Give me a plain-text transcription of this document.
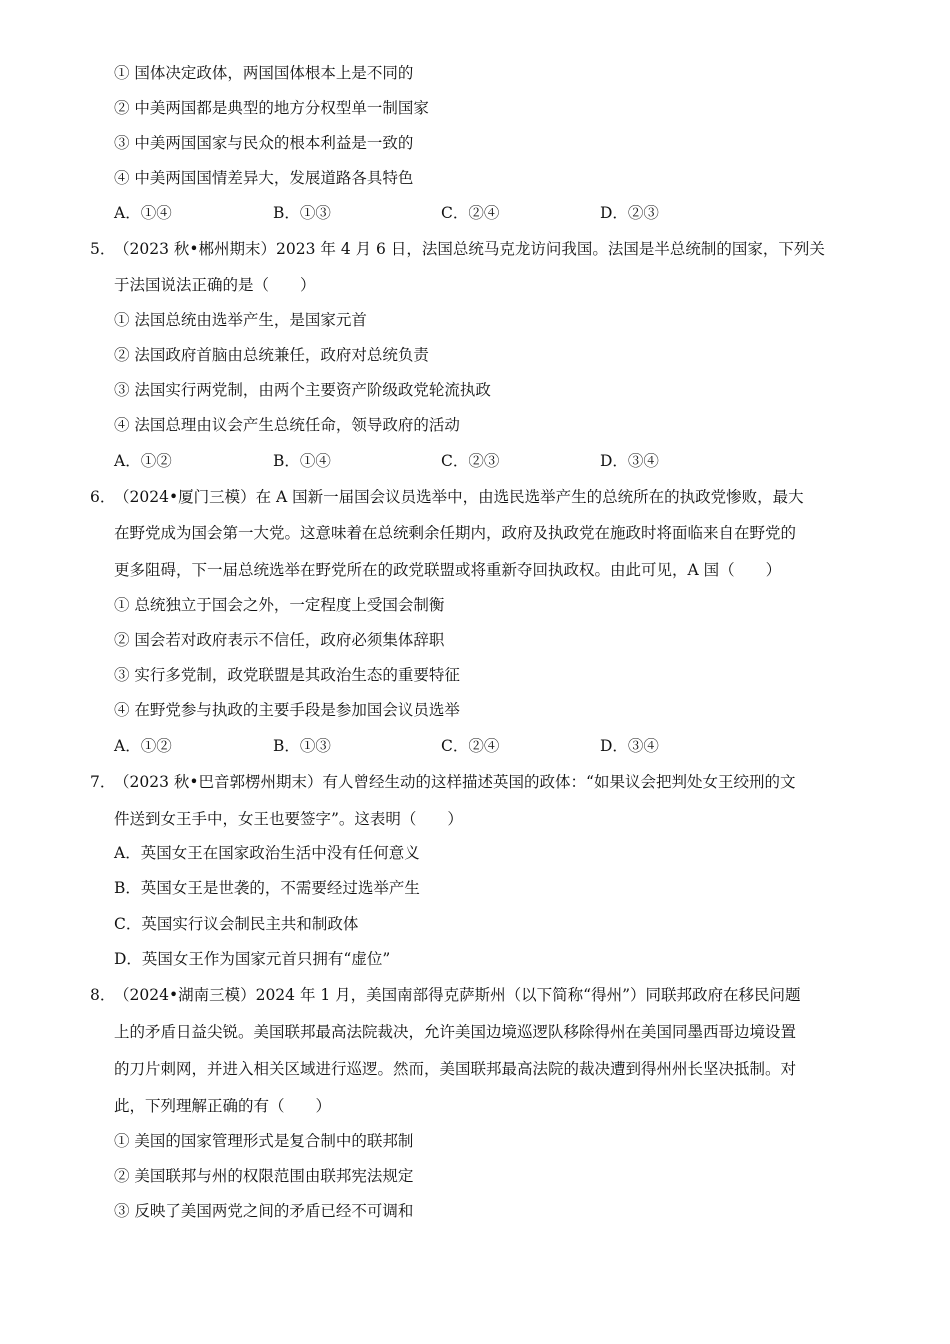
① 国体决定政体，两国国体根本上是不同的
② 中美两国都是典型的地方分权型单一制国家
③ 中美两国国家与民众的根本利益是一致的
④ 中美两国国情差异大，发展道路各具特色
A．①④	B．①③	C．②④	D．②③
5．（2023 秋•郴州期末）2023 年 4 月 6 日，法国总统马克龙访问我国。法国是半总统制的国家，下列关
于法国说法正确的是（　　）
① 法国总统由选举产生，是国家元首
② 法国政府首脑由总统兼任，政府对总统负责
③ 法国实行两党制，由两个主要资产阶级政党轮流执政
④ 法国总理由议会产生总统任命，领导政府的活动
A．①②	B．①④	C．②③	D．③④
6．（2024•厦门三模）在 A 国新一届国会议员选举中，由选民选举产生的总统所在的执政党惨败，最大
在野党成为国会第一大党。这意味着在总统剩余任期内，政府及执政党在施政时将面临来自在野党的
更多阻碍，下一届总统选举在野党所在的政党联盟或将重新夺回执政权。由此可见，A 国（　　）
① 总统独立于国会之外，一定程度上受国会制衡
② 国会若对政府表示不信任，政府必须集体辞职
③ 实行多党制，政党联盟是其政治生态的重要特征
④ 在野党参与执政的主要手段是参加国会议员选举
A．①②	B．①③	C．②④	D．③④
7．（2023 秋•巴音郭楞州期末）有人曾经生动的这样描述英国的政体：“如果议会把判处女王绞刑的文
件送到女王手中，女王也要签字”。这表明（　　）
A．英国女王在国家政治生活中没有任何意义
B．英国女王是世袭的，不需要经过选举产生
C．英国实行议会制民主共和制政体
D．英国女王作为国家元首只拥有“虚位”
8．（2024•湖南三模）2024 年 1 月，美国南部得克萨斯州（以下简称“得州”）同联邦政府在移民问题
上的矛盾日益尖锐。美国联邦最高法院裁决，允许美国边境巡逻队移除得州在美国同墨西哥边境设置
的刀片刺网，并进入相关区域进行巡逻。然而，美国联邦最高法院的裁决遭到得州州长坚决抵制。对
此，下列理解正确的有（　　）
① 美国的国家管理形式是复合制中的联邦制
② 美国联邦与州的权限范围由联邦宪法规定
③ 反映了美国两党之间的矛盾已经不可调和
